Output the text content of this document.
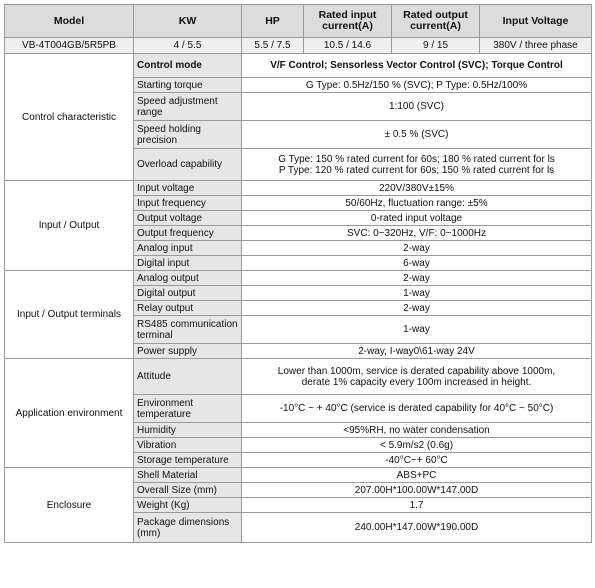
Model	KW	HP	Rated input current(A)	Rated output current(A)	Input Voltage
VB-4T004GB/5R5PB	4 / 5.5	5.5 / 7.5	10.5 / 14.6	9 / 15	380V / three phase
Control characteristic	Control mode	V/F Control; Sensorless Vector Control (SVC); Torque Control			
	Starting torque	G Type: 0.5Hz/150 % (SVC); P Type: 0.5Hz/100%			
	Speed adjustment range	1:100 (SVC)			
	Speed holding precision	± 0.5 % (SVC)			
	Overload capability	G Type: 150 % rated current for 60s; 180 % rated current for ls
P Type: 120 % rated current for 60s; 150 % rated current for ls			
Input / Output	Input voltage	220V/380V±15%			
	Input frequency	50/60Hz, fluctuation range: ±5%			
	Output voltage	0-rated input voltage			
	Output frequency	SVC: 0~320Hz, V/F: 0~1000Hz			
	Analog input	2-way			
	Digital input	6-way			
Input / Output terminals	Analog output	2-way			
	Digital output	1-way			
	Relay output	2-way			
	RS485 communication terminal	1-way			
	Power supply	2-way, I-way0\61-way 24V			
Application environment	Attitude	Lower than 1000m, service is derated capability above 1000m,
derate 1% capacity every 100m increased in height.			
	Environment temperature	-10°C ~ + 40°C (service is derated capability for 40°C ~ 50°C)			
	Humidity	<95%RH, no water condensation			
	Vibration	< 5.9m/s2 (0.6g)			
	Storage temperature	-40°C~+ 60°C			
Enclosure	Shell Material	ABS+PC			
	Overall Size (mm)	207.00H*100.00W*147.00D			
	Weight (Kg)	1.7			
	Package dimensions (mm)	240.00H*147.00W*190.00D			
